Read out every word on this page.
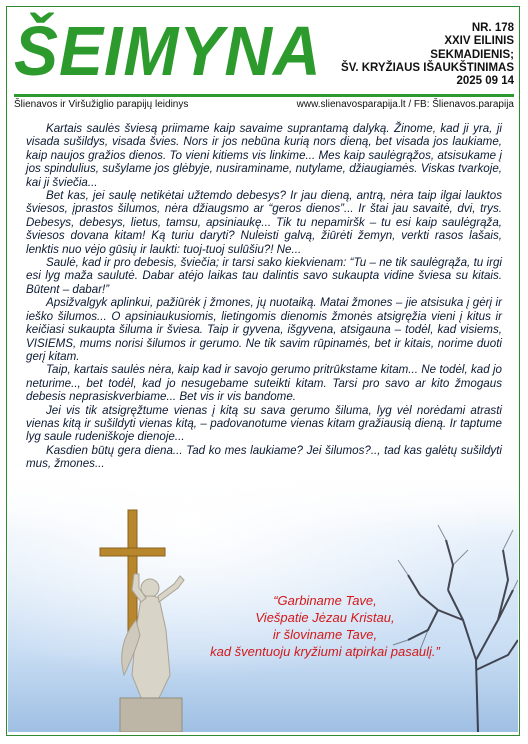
ŠEIMYNA	NR. 178
XXIV EILINIS
SEKMADIENIS;
ŠV. KRYŽIAUS IŠAUKŠTINIMAS
2025 09 14
Šlienavos ir Viršužiglio parapijų leidinys	www.slienavosparapija.lt / FB: Šlienavos.parapija

Kartais saulės šviesą priimame kaip savaime suprantamą dalyką. Žinome, kad ji yra, ji visada sušildys, visada švies. Nors ir jos nebūna kurią nors dieną, bet visada jos laukiame, kaip naujos gražios dienos. To vieni kitiems vis linkime... Mes kaip saulėgrąžos, atsisukame į jos spindulius, sušylame jos glėbyje, nusiraminame, nutylame, džiaugiamės. Viskas tvarkoje, kai ji šviečia...

Bet kas, jei saulę netikėtai užtemdo debesys? Ir jau dieną, antrą, nėra taip ilgai lauktos šviesos, įprastos šilumos, nėra džiaugsmo ar “geros dienos”... Ir štai jau savaitė, dvi, trys. Debesys, debesys, lietus, tamsu, apsiniaukę... Tik tu nepamiršk – tu esi kaip saulėgrąža, šviesos dovana kitam! Ką turiu daryti? Nuleisti galvą, žiūrėti žemyn, verkti rasos lašais, lenktis nuo vėjo gūsių ir laukti: tuoj-tuoj sulūšiu?! Ne...

Saulė, kad ir pro debesis, šviečia; ir tarsi sako kiekvienam: “Tu – ne tik saulėgrąža, tu irgi esi lyg maža saulutė. Dabar atėjo laikas tau dalintis savo sukaupta vidine šviesa su kitais. Būtent – dabar!”

Apsižvalgyk aplinkui, pažiūrėk į žmones, jų nuotaiką. Matai žmones – jie atsisuka į gėrį ir ieško šilumos... O apsiniaukusiomis, lietingomis dienomis žmonės atsigręžia vieni į kitus ir keičiasi sukaupta šiluma ir šviesa. Taip ir gyvena, išgyvena, atsigauna – todėl, kad visiems, VISIEMS, mums norisi šilumos ir gerumo. Ne tik savim rūpinamės, bet ir kitais, norime duoti gerį kitam.

Taip, kartais saulės nėra, kaip kad ir savojo gerumo pritrūkstame kitam... Ne todėl, kad jo neturime.., bet todėl, kad jo nesugebame suteikti kitam. Tarsi pro savo ar kito žmogaus debesis neprasiskverbiame... Bet vis ir vis bandome.

Jei vis tik atsigręžtume vienas į kitą su sava gerumo šiluma, lyg vėl norėdami atrasti vienas kitą ir sušildyti vienas kitą, – padovanotume vienas kitam gražiausią dieną. Ir taptume lyg saule rudeniškoje dienoje...

Kasdien būtų gera diena... Tad ko mes laukiame? Jei šilumos?.., tad kas galėtų sušildyti mus, žmones...

“Garbiname Tave,
Viešpatie Jėzau Kristau,
ir šloviname Tave,
kad šventuoju kryžiumi atpirkai pasaulį.”
